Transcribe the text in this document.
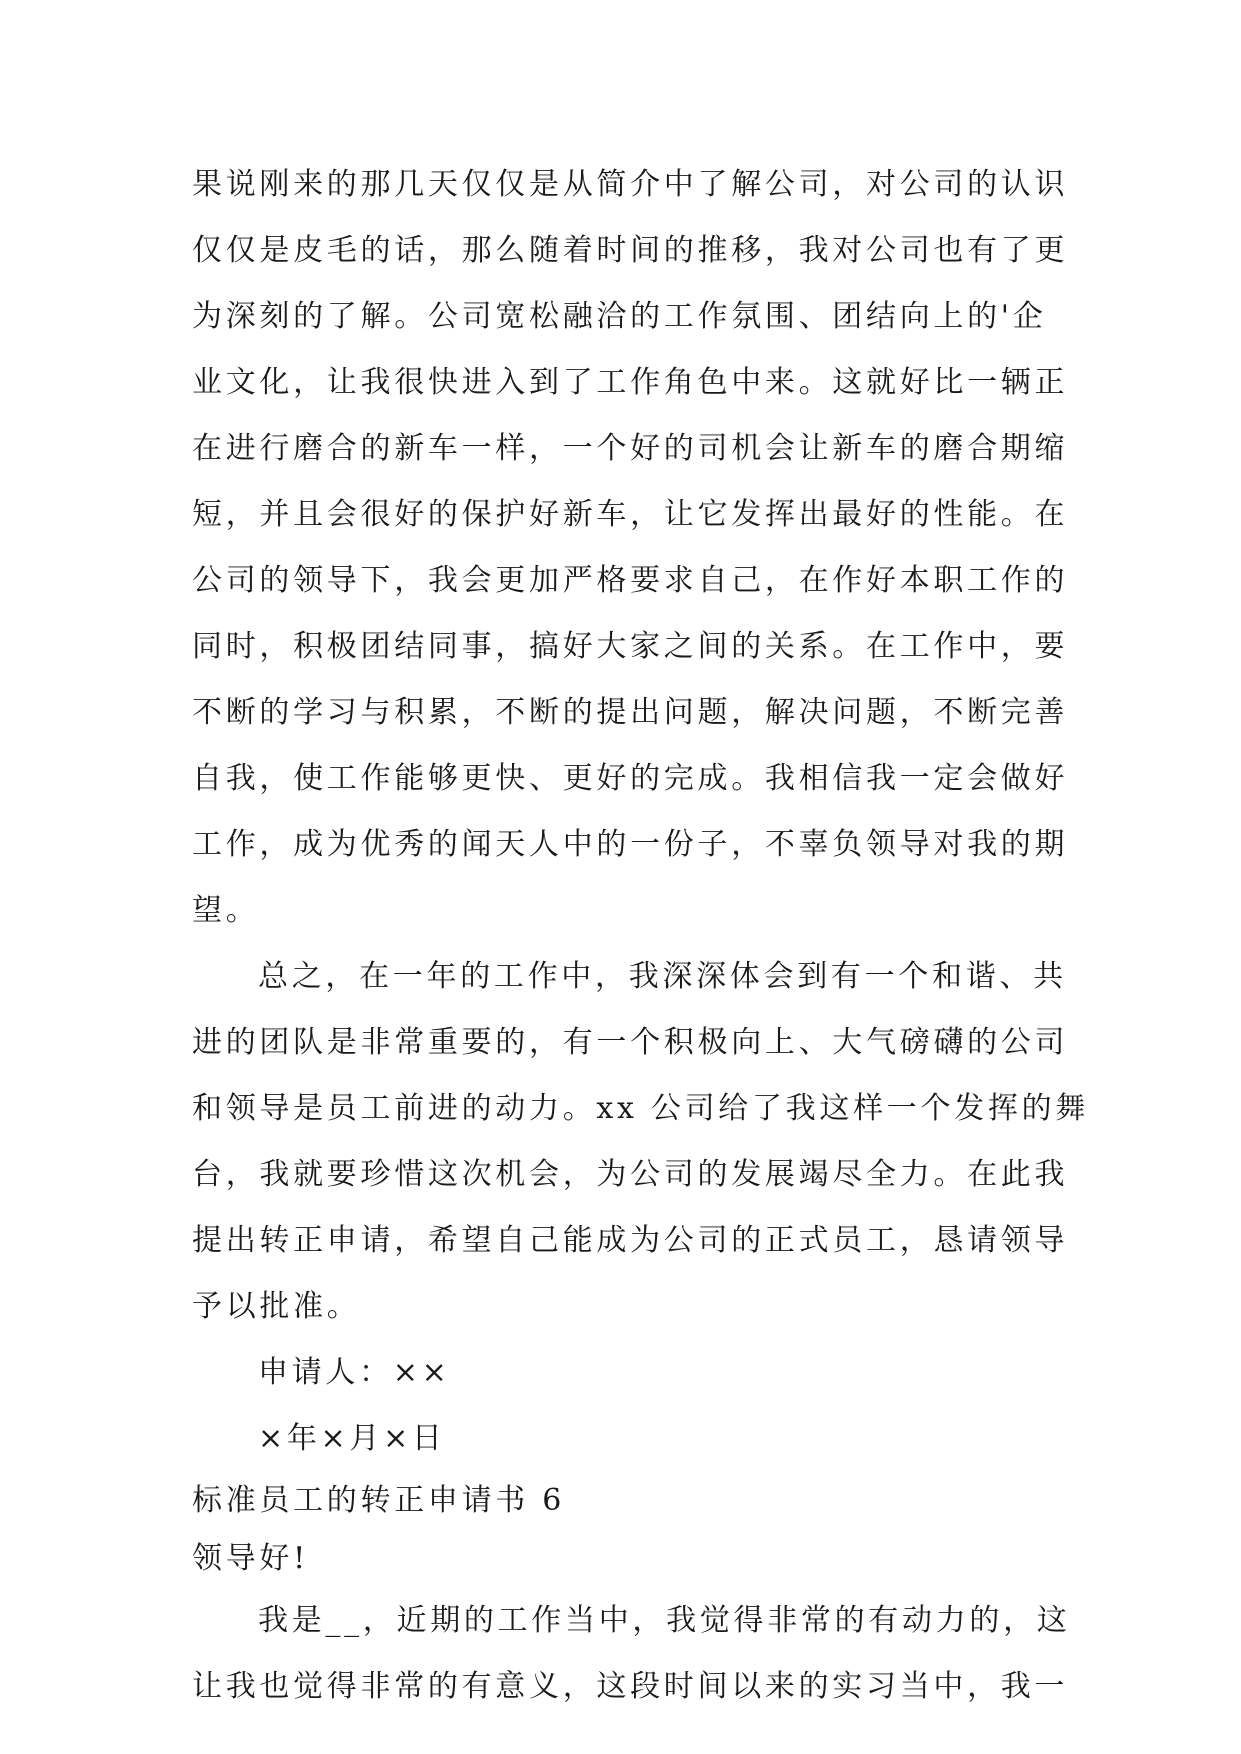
果说刚来的那几天仅仅是从简介中了解公司，对公司的认识
仅仅是皮毛的话，那么随着时间的推移，我对公司也有了更
为深刻的了解。公司宽松融洽的工作氛围、团结向上的'企
业文化，让我很快进入到了工作角色中来。这就好比一辆正
在进行磨合的新车一样，一个好的司机会让新车的磨合期缩
短，并且会很好的保护好新车，让它发挥出最好的性能。在
公司的领导下，我会更加严格要求自己，在作好本职工作的
同时，积极团结同事，搞好大家之间的关系。在工作中，要
不断的学习与积累，不断的提出问题，解决问题，不断完善
自我，使工作能够更快、更好的完成。我相信我一定会做好
工作，成为优秀的闻天人中的一份子，不辜负领导对我的期
望。
总之，在一年的工作中，我深深体会到有一个和谐、共
进的团队是非常重要的，有一个积极向上、大气磅礴的公司
和领导是员工前进的动力。xx 公司给了我这样一个发挥的舞
台，我就要珍惜这次机会，为公司的发展竭尽全力。在此我
提出转正申请，希望自己能成为公司的正式员工，恳请领导
予以批准。
申请人：××
×年×月×日
标准员工的转正申请书 6
领导好!
我是__，近期的工作当中，我觉得非常的有动力的，这
让我也觉得非常的有意义，这段时间以来的实习当中，我一
